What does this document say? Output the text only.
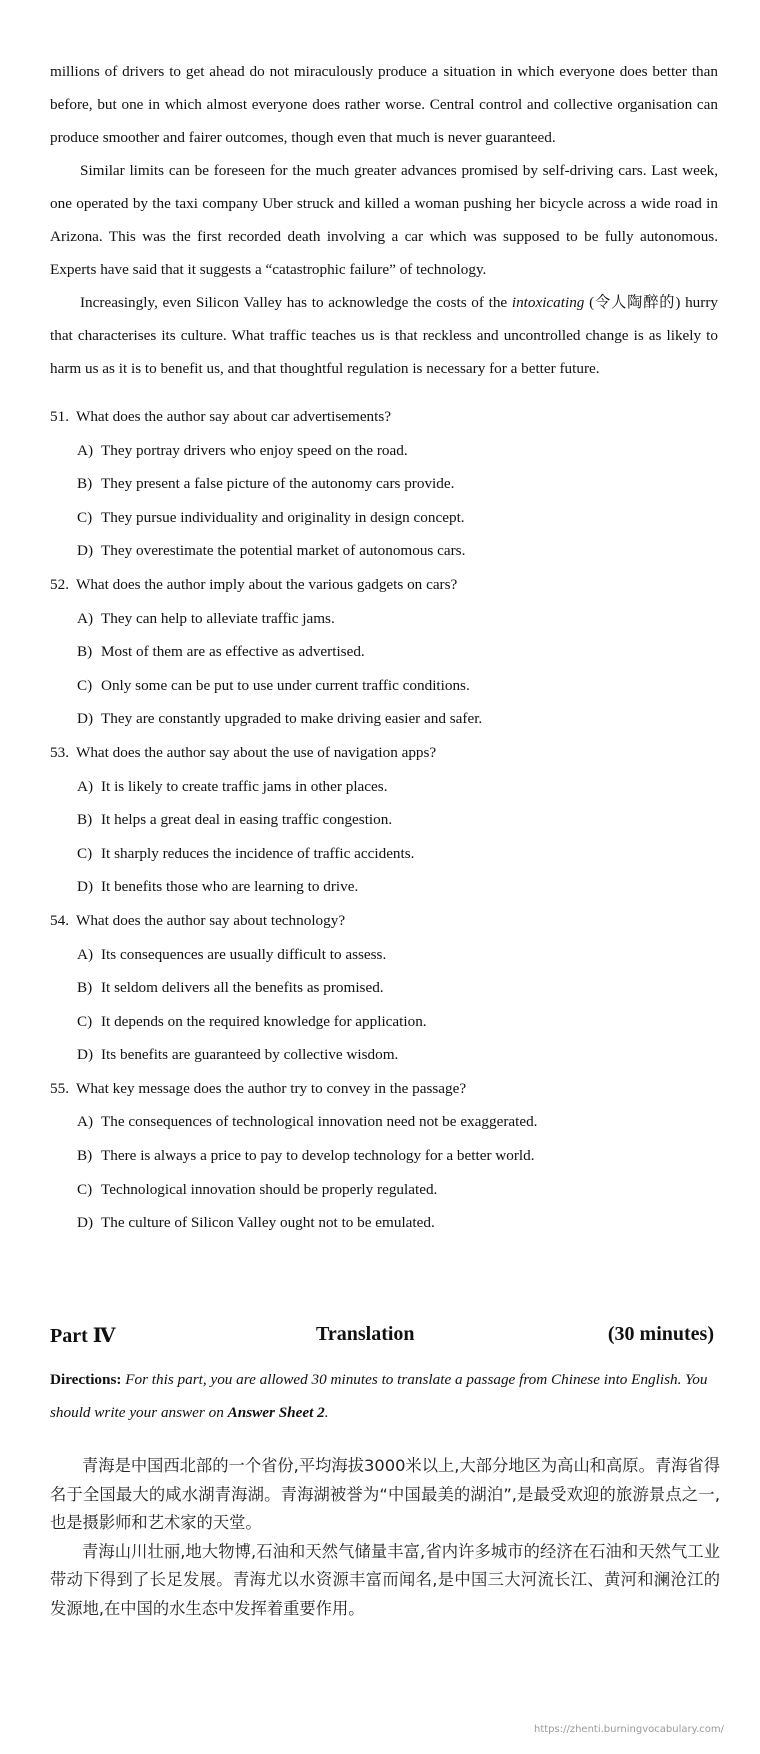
millions of drivers to get ahead do not miraculously produce a situation in which everyone does better than before, but one in which almost everyone does rather worse. Central control and collective organisation can produce smoother and fairer outcomes, though even that much is never guaranteed.

Similar limits can be foreseen for the much greater advances promised by self-driving cars. Last week, one operated by the taxi company Uber struck and killed a woman pushing her bicycle across a wide road in Arizona. This was the first recorded death involving a car which was supposed to be fully autonomous. Experts have said that it suggests a “catastrophic failure” of technology.

Increasingly, even Silicon Valley has to acknowledge the costs of the intoxicating (令人陶醉的) hurry that characterises its culture. What traffic teaches us is that reckless and uncontrolled change is as likely to harm us as it is to benefit us, and that thoughtful regulation is necessary for a better future.

51. What does the author say about car advertisements?

A) They portray drivers who enjoy speed on the road.

B) They present a false picture of the autonomy cars provide.

C) They pursue individuality and originality in design concept.

D) They overestimate the potential market of autonomous cars.

52. What does the author imply about the various gadgets on cars?

A) They can help to alleviate traffic jams.

B) Most of them are as effective as advertised.

C) Only some can be put to use under current traffic conditions.

D) They are constantly upgraded to make driving easier and safer.

53. What does the author say about the use of navigation apps?

A) It is likely to create traffic jams in other places.

B) It helps a great deal in easing traffic congestion.

C) It sharply reduces the incidence of traffic accidents.

D) It benefits those who are learning to drive.

54. What does the author say about technology?

A) Its consequences are usually difficult to assess.

B) It seldom delivers all the benefits as promised.

C) It depends on the required knowledge for application.

D) Its benefits are guaranteed by collective wisdom.

55. What key message does the author try to convey in the passage?

A) The consequences of technological innovation need not be exaggerated.

B) There is always a price to pay to develop technology for a better world.

C) Technological innovation should be properly regulated.

D) The culture of Silicon Valley ought not to be emulated.

Part Ⅳ	Translation	(30 minutes)
Directions: For this part, you are allowed 30 minutes to translate a passage from Chinese into English. You should write your answer on Answer Sheet 2.

青海是中国西北部的一个省份,平均海拔3000米以上,大部分地区为高山和高原。青海省得名于全国最大的咸水湖青海湖。青海湖被誉为“中国最美的湖泊”,是最受欢迎的旅游景点之一,也是摄影师和艺术家的天堂。

青海山川壮丽,地大物博,石油和天然气储量丰富,省内许多城市的经济在石油和天然气工业带动下得到了长足发展。青海尤以水资源丰富而闻名,是中国三大河流长江、黄河和澜沧江的发源地,在中国的水生态中发挥着重要作用。

https://zhenti.burningvocabulary.com/
